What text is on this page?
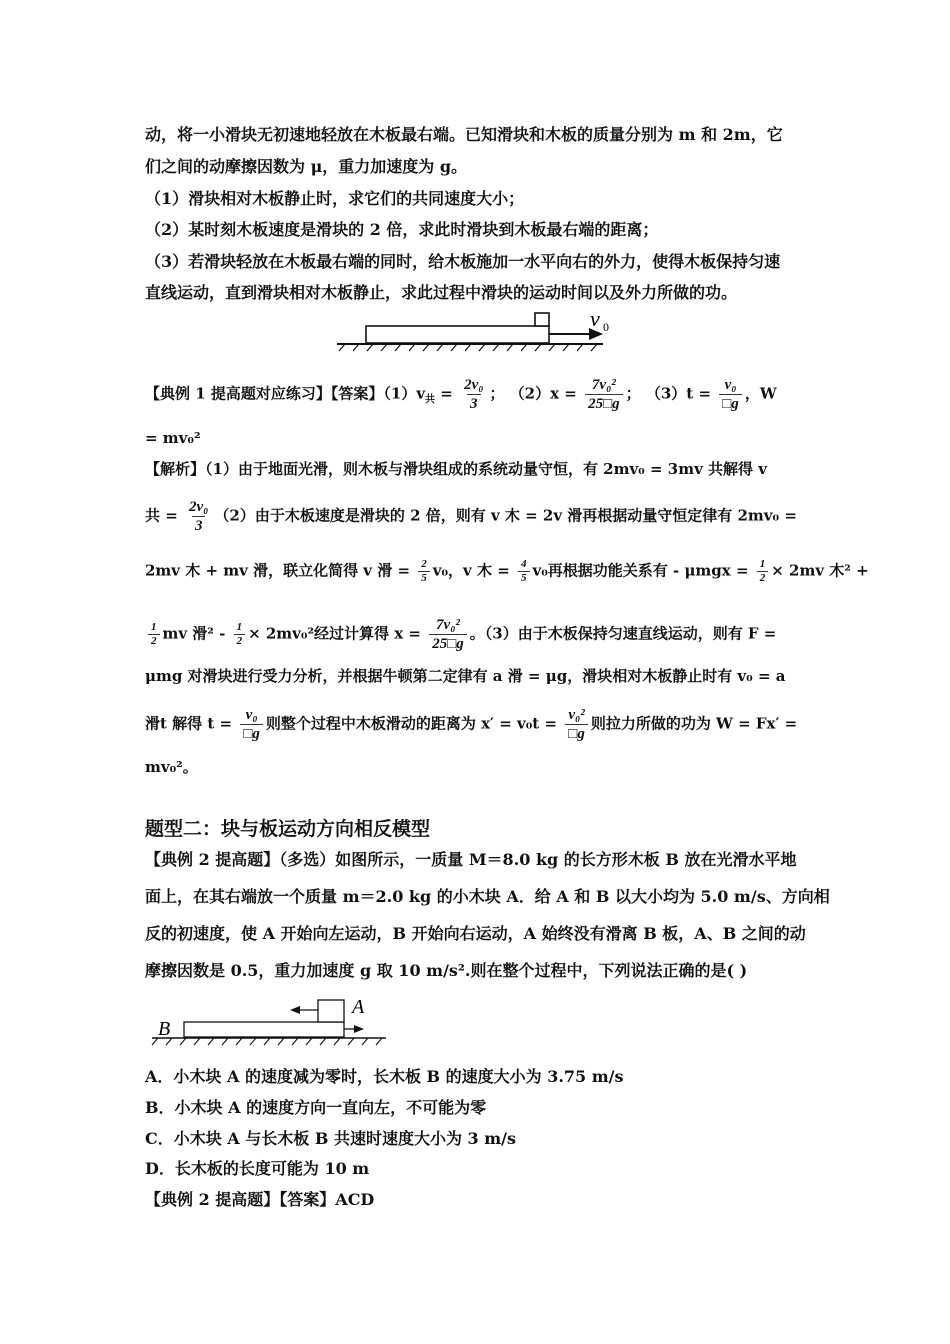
动，将一小滑块无初速地轻放在木板最右端。已知滑块和木板的质量分别为 m 和 2m，它
们之间的动摩擦因数为 μ，重力加速度为 g。
（1）滑块相对木板静止时，求它们的共同速度大小；
（2）某时刻木板速度是滑块的 2 倍，求此时滑块到木板最右端的距离；
（3）若滑块轻放在木板最右端的同时，给木板施加一水平向右的外力，使得木板保持匀速
直线运动，直到滑块相对木板静止，求此过程中滑块的运动时间以及外力所做的功。
v 0
【典例 1 提高题对应练习】【答案】$(1)v_共 = \frac{\text{2v₀}}{3}$ ； $(2)x = \frac{\text{7v₀²}}{25□g}$ ； $(3)t = \frac{\text{v₀}}{□g}$ ，W
= mv₀²
【解析】（1）由于地面光滑，则木板与滑块组成的系统动量守恒，有 2mv₀ = 3mv 共解得 v
共 = $\frac{\text{2v₀}}{3} (2)$由于木板速度是滑块的 2 倍，则有 v 木 = 2v 滑再根据动量守恒定律有 2mv₀ =
2mv 木 + mv 滑，联立化简得 v 滑 = $\frac{2}{5} v_0$，v 木 = $\frac{4}{5} v_0$再根据功能关系有 - $\mu mgx = \frac{1}{2} \times 2mv$ 木² +
$\frac{1}{2}$ mv 滑$^2 - \frac{1}{2} \times 2mv_0^2$经过计算得 $x = \frac{\text{7v₀²}}{25□g}$ 。（3）由于木板保持匀速直线运动，则有 F =
μmg 对滑块进行受力分析，并根据牛顿第二定律有 a 滑 = μg，滑块相对木板静止时有 v₀ = a
滑t 解得 $t = \frac{\text{v₀}}{□g}$ 则整个过程中木板滑动的距离为 $x' = v_0t = \frac{\text{v₀²}}{□g}$ 则拉力所做的功为 W = Fx′ =
mv₀²。
题型二：块与板运动方向相反模型
【典例 2 提高题】（多选）如图所示，一质量 M＝8.0 kg 的长方形木板 B 放在光滑水平地
面上，在其右端放一个质量 m＝2.0 kg 的小木块 A．给 A 和 B 以大小均为 5.0 m/s、方向相
反的初速度，使 A 开始向左运动，B 开始向右运动，A 始终没有滑离 B 板，A、B 之间的动
摩擦因数是 0.5，重力加速度 g 取 10 m/s².则在整个过程中，下列说法正确的是( )
B
A
A．小木块 A 的速度减为零时，长木板 B 的速度大小为 3.75 m/s
B．小木块 A 的速度方向一直向左，不可能为零
C．小木块 A 与长木板 B 共速时速度大小为 3 m/s
D．长木板的长度可能为 10 m
【典例 2 提高题】【答案】ACD
